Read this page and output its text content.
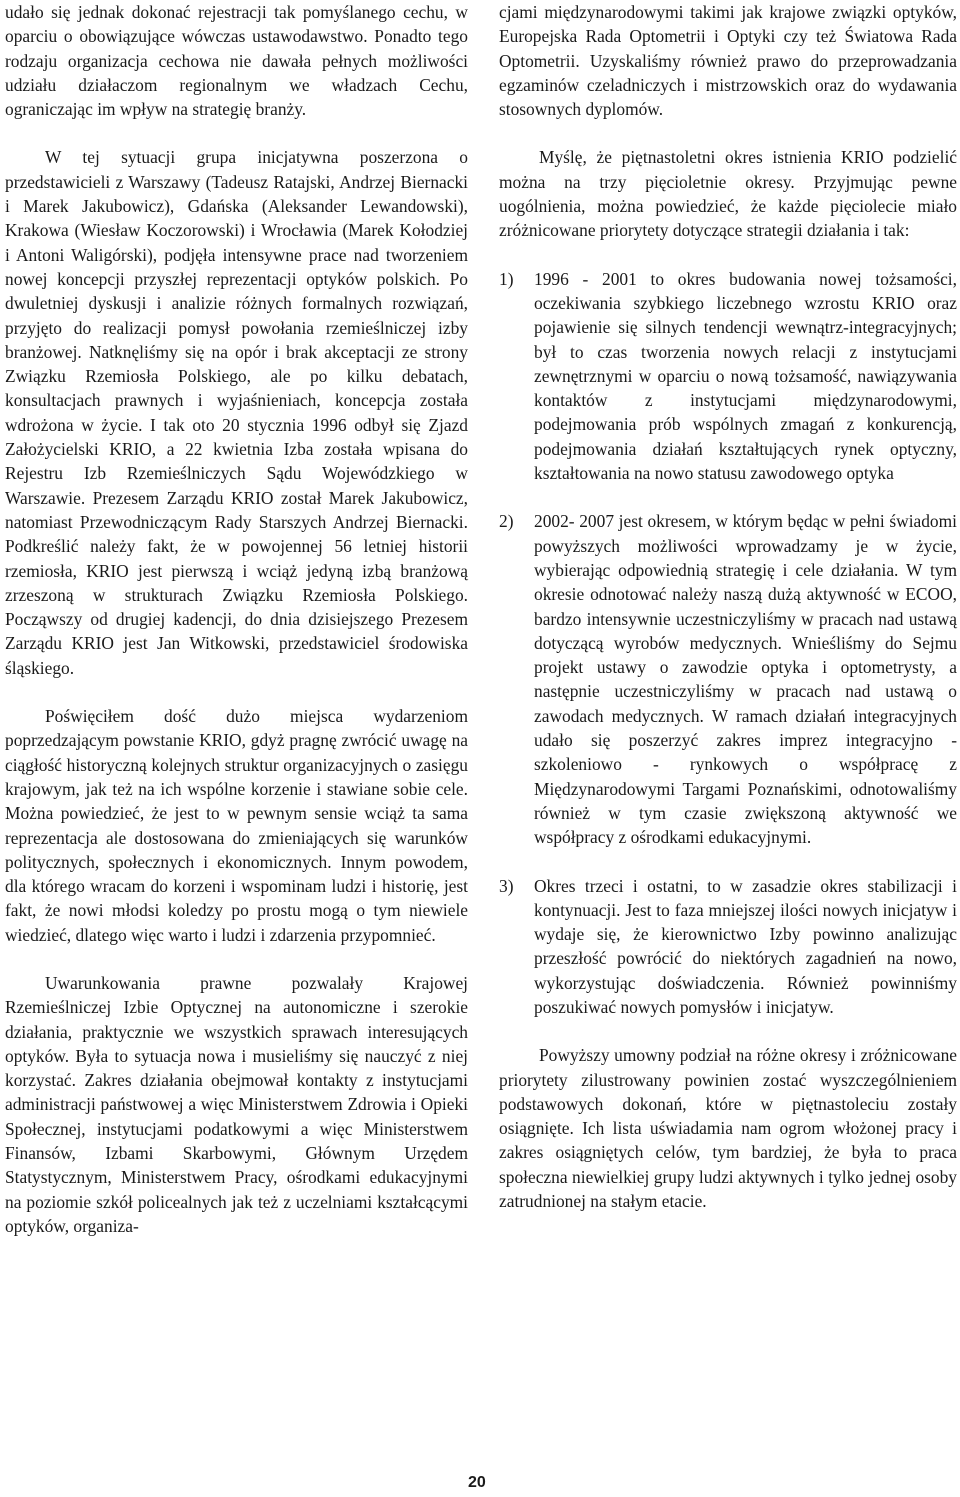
udało się jednak dokonać rejestracji tak pomyślanego cechu, w oparciu o obowiązujące wówczas ustawodawstwo. Ponadto tego rodzaju organizacja cechowa nie dawała pełnych możliwości udziału działaczom regionalnym we władzach Cechu, ograniczając im wpływ na strategię branży.

W tej sytuacji grupa inicjatywna poszerzona o przedstawicieli z Warszawy (Tadeusz Ratajski, Andrzej Biernacki i Marek Jakubowicz), Gdańska (Aleksander Lewandowski), Krakowa (Wiesław Koczorowski) i Wrocławia (Marek Kołodziej i Antoni Waligórski), podjęła intensywne prace nad tworzeniem nowej koncepcji przyszłej reprezentacji optyków polskich. Po dwuletniej dyskusji i analizie różnych formalnych rozwiązań, przyjęto do realizacji pomysł powołania rzemieślniczej izby branżowej. Natknęliśmy się na opór i brak akceptacji ze strony Związku Rzemiosła Polskiego, ale po kilku debatach, konsultacjach prawnych i wyjaśnieniach, koncepcja została wdrożona w życie. I tak oto 20 stycznia 1996 odbył się Zjazd Założycielski KRIO, a 22 kwietnia Izba została wpisana do Rejestru Izb Rzemieślniczych Sądu Wojewódzkiego w Warszawie. Prezesem Zarządu KRIO został Marek Jakubowicz, natomiast Przewodniczącym Rady Starszych Andrzej Biernacki. Podkreślić należy fakt, że w powojennej 56 letniej historii rzemiosła, KRIO jest pierwszą i wciąż jedyną izbą branżową zrzeszoną w strukturach Związku Rzemiosła Polskiego. Począwszy od drugiej kadencji, do dnia dzisiejszego Prezesem Zarządu KRIO jest Jan Witkowski, przedstawiciel środowiska śląskiego.

Poświęciłem dość dużo miejsca wydarzeniom poprzedzającym powstanie KRIO, gdyż pragnę zwrócić uwagę na ciągłość historyczną kolejnych struktur organizacyjnych o zasięgu krajowym, jak też na ich wspólne korzenie i stawiane sobie cele. Można powiedzieć, że jest to w pewnym sensie wciąż ta sama reprezentacja ale dostosowana do zmieniających się warunków politycznych, społecznych i ekonomicznych. Innym powodem, dla którego wracam do korzeni i wspominam ludzi i historię, jest fakt, że nowi młodsi koledzy po prostu mogą o tym niewiele wiedzieć, dlatego więc warto i ludzi i zdarzenia przypomnieć.

Uwarunkowania prawne pozwalały Krajowej Rzemieślniczej Izbie Optycznej na autonomiczne i szerokie działania, praktycznie we wszystkich sprawach interesujących optyków. Była to sytuacja nowa i musieliśmy się nauczyć z niej korzystać. Zakres działania obejmował kontakty z instytucjami administracji państwowej a więc Ministerstwem Zdrowia i Opieki Społecznej, instytucjami podatkowymi a więc Ministerstwem Finansów, Izbami Skarbowymi, Głównym Urzędem Statystycznym, Ministerstwem Pracy, ośrodkami edukacyjnymi na poziomie szkół policealnych jak też z uczelniami kształcącymi optyków, organiza-

cjami międzynarodowymi takimi jak krajowe związki optyków, Europejska Rada Optometrii i Optyki czy też Światowa Rada Optometrii. Uzyskaliśmy również prawo do przeprowadzania egzaminów czeladniczych i mistrzowskich oraz do wydawania stosownych dyplomów.

Myślę, że piętnastoletni okres istnienia KRIO podzielić można na trzy pięcioletnie okresy. Przyjmując pewne uogólnienia, można powiedzieć, że każde pięciolecie miało zróżnicowane priorytety dotyczące strategii działania i tak:

1) 1996 - 2001 to okres budowania nowej tożsamości, oczekiwania szybkiego liczebnego wzrostu KRIO oraz pojawienie się silnych tendencji wewnątrz-integracyjnych; był to czas tworzenia nowych relacji z instytucjami zewnętrznymi w oparciu o nową tożsamość, nawiązywania kontaktów z instytucjami międzynarodowymi, podejmowania prób wspólnych zmagań z konkurencją, podejmowania działań kształtujących rynek optyczny, kształtowania na nowo statusu zawodowego optyka

2) 2002- 2007 jest okresem, w którym będąc w pełni świadomi powyższych możliwości wprowadzamy je w życie, wybierając odpowiednią strategię i cele działania. W tym okresie odnotować należy naszą dużą aktywność w ECOO, bardzo intensywnie uczestniczyliśmy w pracach nad ustawą dotyczącą wyrobów medycznych. Wnieśliśmy do Sejmu projekt ustawy o zawodzie optyka i optometrysty, a następnie uczestniczyliśmy w pracach nad ustawą o zawodach medycznych. W ramach działań integracyjnych udało się poszerzyć zakres imprez integracyjno - szkoleniowo - rynkowych o współpracę z Międzynarodowymi Targami Poznańskimi, odnotowaliśmy również w tym czasie zwiększoną aktywność we współpracy z ośrodkami edukacyjnymi.

3) Okres trzeci i ostatni, to w zasadzie okres stabilizacji i kontynuacji. Jest to faza mniejszej ilości nowych inicjatyw i wydaje się, że kierownictwo Izby powinno analizując przeszłość powrócić do niektórych zagadnień na nowo, wykorzystując doświadczenia. Również powinniśmy poszukiwać nowych pomysłów i inicjatyw.

Powyższy umowny podział na różne okresy i zróżnicowane priorytety zilustrowany powinien zostać wyszczególnieniem podstawowych dokonań, które w piętnastoleciu zostały osiągnięte. Ich lista uświadamia nam ogrom włożonej pracy i zakres osiągniętych celów, tym bardziej, że była to praca społeczna niewielkiej grupy ludzi aktywnych i tylko jednej osoby zatrudnionej na stałym etacie.

20
